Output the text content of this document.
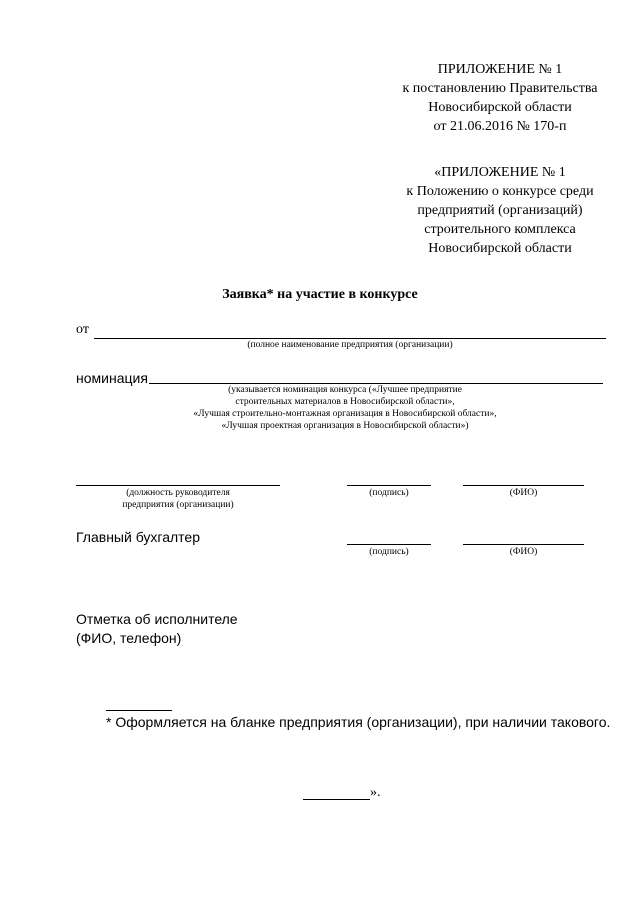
ПРИЛОЖЕНИЕ № 1
к постановлению Правительства
Новосибирской области
от 21.06.2016 № 170-п
«ПРИЛОЖЕНИЕ № 1
к Положению о конкурсе среди
предприятий (организаций)
строительного комплекса
Новосибирской области
Заявка* на участие в конкурсе
от
(полное наименование предприятия (организации)
номинация
(указывается номинация конкурса («Лучшее предприятие
строительных материалов в Новосибирской области»,
«Лучшая строительно-монтажная организация в Новосибирской области»,
«Лучшая проектная организация в Новосибирской области»)
(должность руководителя
предприятия (организации)
(подпись)	(ФИО)
Главный бухгалтер
(подпись)	(ФИО)
Отметка об исполнителе
(ФИО, телефон)
* Оформляется на бланке предприятия (организации), при наличии такового.
».
